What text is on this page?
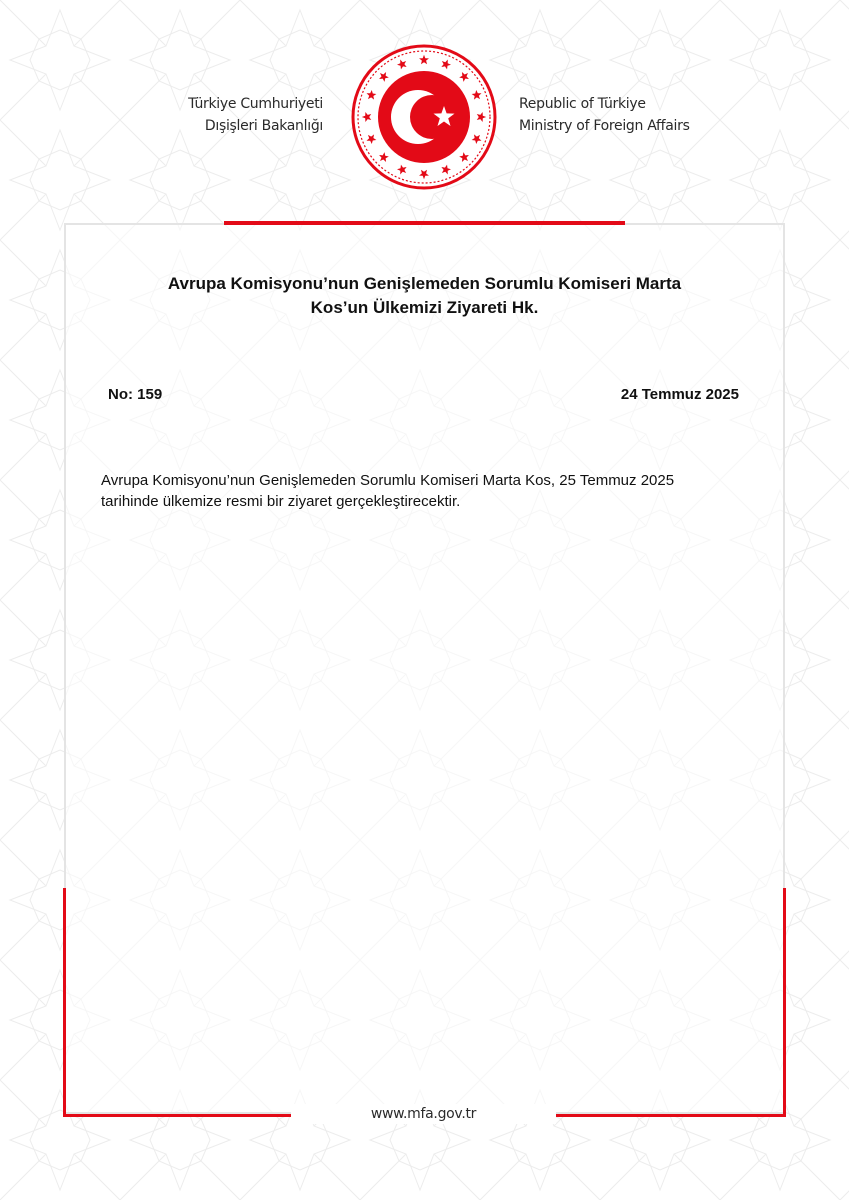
Türkiye Cumhuriyeti
Dışişleri Bakanlığı
Republic of Türkiye
Ministry of Foreign Affairs
Avrupa Komisyonu’nun Genişlemeden Sorumlu Komiseri Marta
Kos’un Ülkemizi Ziyareti Hk.
No: 159	24 Temmuz 2025
Avrupa Komisyonu’nun Genişlemeden Sorumlu Komiseri Marta Kos, 25 Temmuz 2025
tarihinde ülkemize resmi bir ziyaret gerçekleştirecektir.
www.mfa.gov.tr
